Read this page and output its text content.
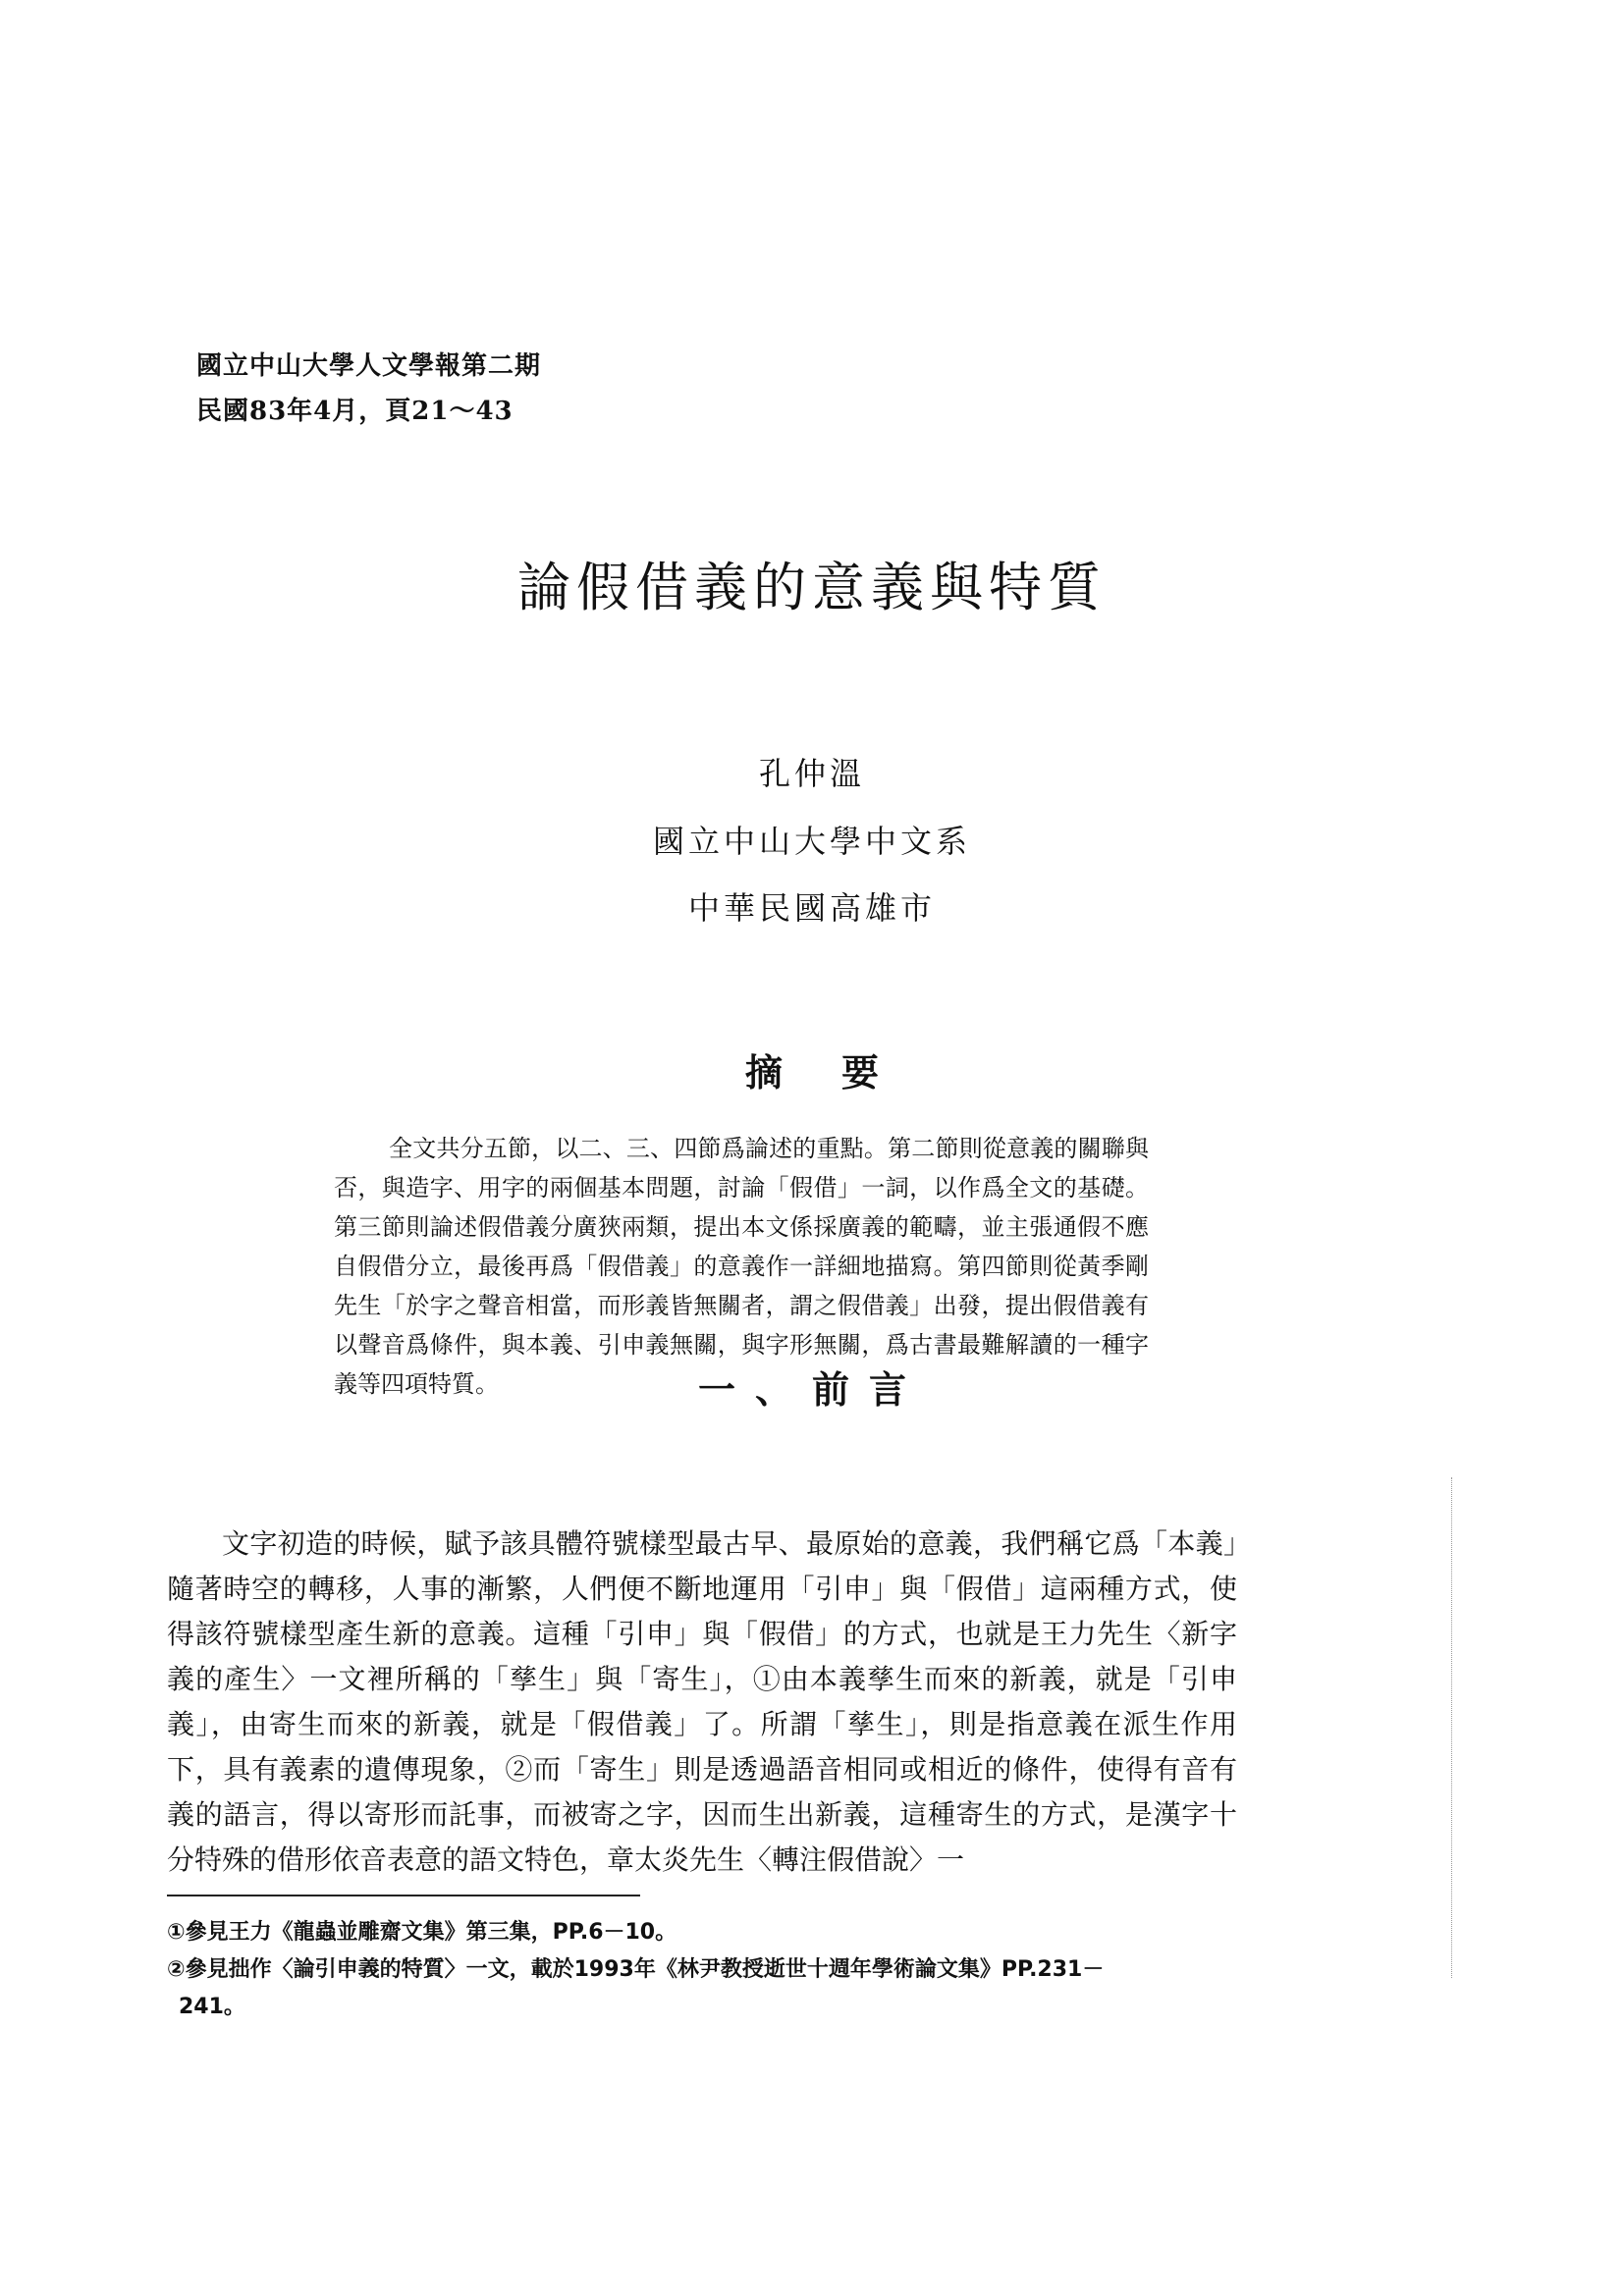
國立中山大學人文學報第二期
民國83年4月，頁21～43
論假借義的意義與特質
孔仲溫
國立中山大學中文系
中華民國高雄市
摘要
全文共分五節，以二、三、四節爲論述的重點。第二節則從意義的關聯與否，與造字、用字的兩個基本問題，討論「假借」一詞，以作爲全文的基礎。第三節則論述假借義分廣狹兩類，提出本文係採廣義的範疇，並主張通假不應自假借分立，最後再爲「假借義」的意義作一詳細地描寫。第四節則從黃季剛先生「於字之聲音相當，而形義皆無關者，謂之假借義」出發，提出假借義有以聲音爲條件，與本義、引申義無關，與字形無關，爲古書最難解讀的一種字義等四項特質。	一、前言
文字初造的時候，賦予該具體符號樣型最古早、最原始的意義，我們稱它爲「本義」隨著時空的轉移，人事的漸繁，人們便不斷地運用「引申」與「假借」這兩種方式，使得該符號樣型產生新的意義。這種「引申」與「假借」的方式，也就是王力先生〈新字義的產生〉一文裡所稱的「孳生」與「寄生」，①由本義孳生而來的新義，就是「引申義」，由寄生而來的新義，就是「假借義」了。所謂「孳生」，則是指意義在派生作用下，具有義素的遺傳現象，②而「寄生」則是透過語音相同或相近的條件，使得有音有義的語言，得以寄形而託事，而被寄之字，因而生出新義，這種寄生的方式，是漢字十分特殊的借形依音表意的語文特色，章太炎先生〈轉注假借說〉一
①參見王力《龍蟲並雕齋文集》第三集，PP.6－10。
②參見拙作〈論引申義的特質〉一文，載於1993年《林尹教授逝世十週年學術論文集》PP.231－
241。
